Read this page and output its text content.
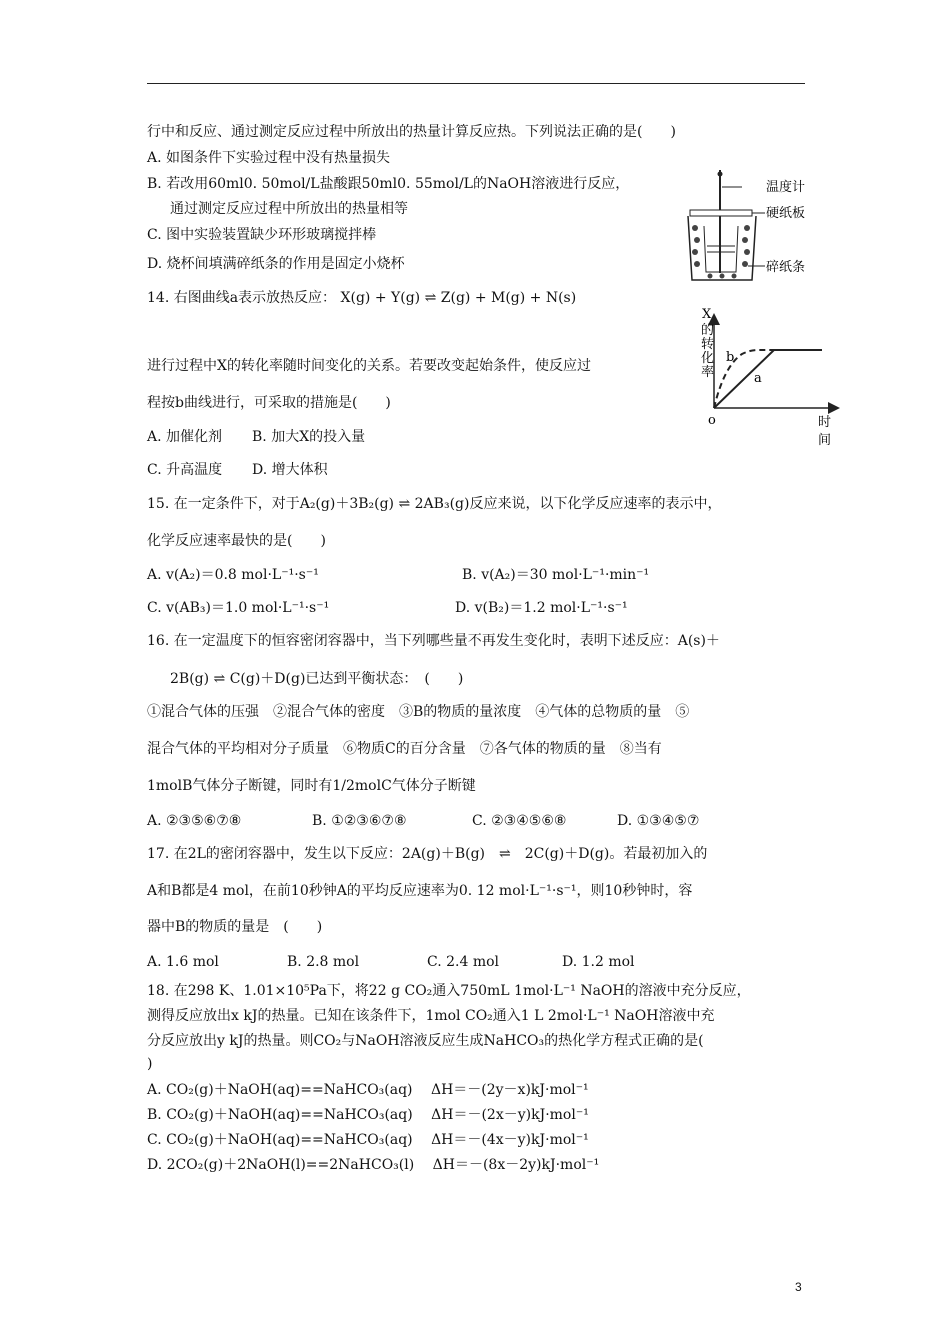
行中和反应、通过测定反应过程中所放出的热量计算反应热。下列说法正确的是(　　)
A. 如图条件下实验过程中没有热量损失
B. 若改用60ml0. 50mol/L盐酸跟50ml0. 55mol/L的NaOH溶液进行反应，
通过测定反应过程中所放出的热量相等
C. 图中实验装置缺少环形玻璃搅拌棒
D. 烧杯间填满碎纸条的作用是固定小烧杯
温度计
硬纸板
碎纸条
14. 右图曲线a表示放热反应： X(g) + Y(g) ⇌ Z(g) + M(g) + N(s)
进行过程中X的转化率随时间变化的关系。若要改变起始条件，使反应过
程按b曲线进行，可采取的措施是(　　)
A. 加催化剂 B. 加大X的投入量
C. 升高温度 D. 增大体积
X
的
转
化
率
b
a
o	时
间
15. 在一定条件下，对于A₂(g)＋3B₂(g) ⇌ 2AB₃(g)反应来说，以下化学反应速率的表示中，
化学反应速率最快的是(　　)
A. v(A₂)＝0.8 mol·L⁻¹·s⁻¹	B. v(A₂)＝30 mol·L⁻¹·min⁻¹
C. v(AB₃)＝1.0 mol·L⁻¹·s⁻¹	D. v(B₂)＝1.2 mol·L⁻¹·s⁻¹
16. 在一定温度下的恒容密闭容器中，当下列哪些量不再发生变化时，表明下述反应：A(s)＋
2B(g) ⇌ C(g)＋D(g)已达到平衡状态：　(　　)
①混合气体的压强　②混合气体的密度　③B的物质的量浓度　④气体的总物质的量　⑤
混合气体的平均相对分子质量　⑥物质C的百分含量　⑦各气体的物质的量　⑧当有
1molB气体分子断键，同时有1/2molC气体分子断键
A. ②③⑤⑥⑦⑧	B. ①②③⑥⑦⑧	C. ②③④⑤⑥⑧	D. ①③④⑤⑦
17. 在2L的密闭容器中，发生以下反应：2A(g)＋B(g)　⇌　2C(g)＋D(g)。若最初加入的
A和B都是4 mol，在前10秒钟A的平均反应速率为0. 12 mol·L⁻¹·s⁻¹，则10秒钟时，容
器中B的物质的量是　(　　)
A. 1.6 mol	B. 2.8 mol	C. 2.4 mol	D. 1.2 mol
18. 在298 K、1.01×10⁵Pa下，将22 g CO₂通入750mL 1mol·L⁻¹ NaOH的溶液中充分反应，
测得反应放出x kJ的热量。已知在该条件下，1mol CO₂通入1 L 2mol·L⁻¹ NaOH溶液中充
分反应放出y kJ的热量。则CO₂与NaOH溶液反应生成NaHCO₃的热化学方程式正确的是(
)
A. CO₂(g)＋NaOH(aq)==NaHCO₃(aq)　 ΔH＝－(2y－x)kJ·mol⁻¹
B. CO₂(g)＋NaOH(aq)==NaHCO₃(aq)　 ΔH＝－(2x－y)kJ·mol⁻¹
C. CO₂(g)＋NaOH(aq)==NaHCO₃(aq)　 ΔH＝－(4x－y)kJ·mol⁻¹
D. 2CO₂(g)＋2NaOH(l)==2NaHCO₃(l)　 ΔH＝－(8x－2y)kJ·mol⁻¹
3
